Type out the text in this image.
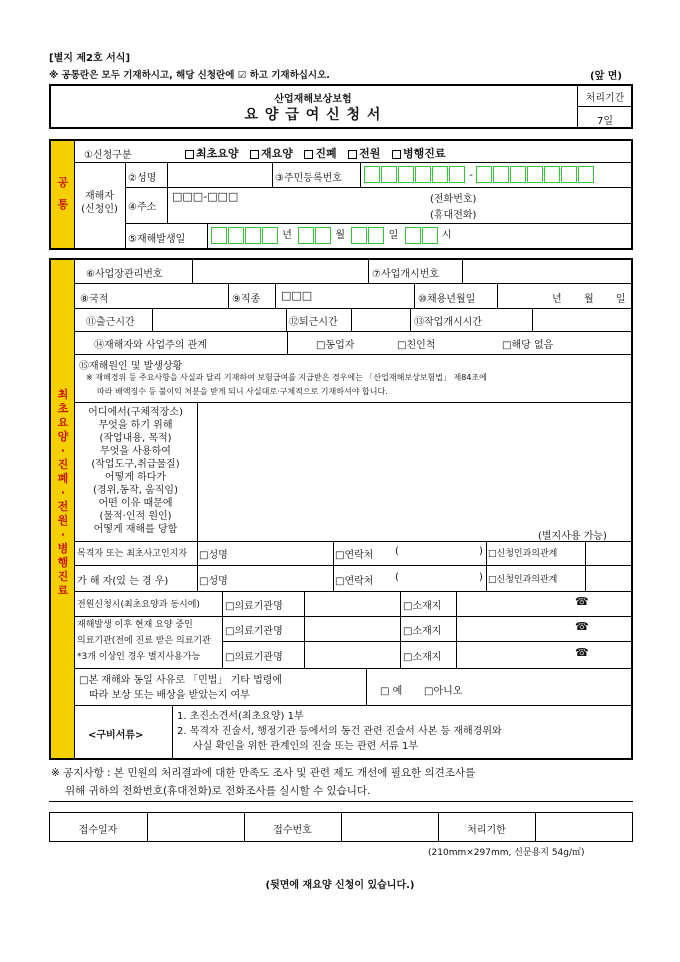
[별지 제2호 서식]
※ 공통란은 모두 기재하시고, 해당 신청란에 ☑ 하고 기재하십시오.	(앞 면)
산업재해보상보험
요 양 급 여 신 청 서
처리기간
7일
공
통
①신청구분	최초요양 재요양 진폐 전원 병행진료
재해자
(신청인)
②성명	③주민등록번호	-
④주소
□□□-□□□	(전화번호)
(휴대전화)
⑤재해발생일	년	월	일	시
최
초
요
양
·
진
폐
·
전
원
·
병
행
진
료
⑥사업장관리번호	⑦사업개시번호
⑧국적	⑨직종 □□□	⑩채용년월일	년 월 일
⑪출근시간	⑫퇴근시간	⑬작업개시시간
⑭재해자와 사업주의 관계	□동업자	□친인척	□해당 없음
⑮재해원인 및 발생상황
※ 재해경위 등 주요사항을 사실과 달리 기재하여 보험급여를 지급받은 경우에는 「산업재해보상보험법」 제84조에
따라 배액징수 등 불이익 처분을 받게 되니 사실대로·구체적으로 기재하셔야 합니다.
어디에서(구체적장소)
무엇을 하기 위해
(작업내용, 목적)
무엇을 사용하여
(작업도구,취급물질)
어떻게 하다가
(경위,동작, 움직임)
어떤 이유 때문에
(물적·인적 원인)
어떻게 재해를 당함
(별지사용 가능)
목격자 또는 최초사고인지자 □성명	□연락처 (	) □신청인과의관계
가 해 자(있 는 경 우)	□성명	□연락처 (	) □신청인과의관계
전원신청시(최초요양과 동시에)
재해발생 이후 현재 요양 중인
의료기관(전에 진료 받은 의료기관
*3개 이상인 경우 별지사용가능
□의료기관명	□소재지	☎
□의료기관명	□소재지	☎
□의료기관명	□소재지	☎
□본 재해와 동일 사유로 「민법」 기타 법령에
따라 보상 또는 배상을 받았는지 여부	□ 예 □아니오
<구비서류>
1. 초진소견서(최초요양) 1부
2. 목격자 진술서, 행정기관 등에서의 동건 관련 진술서 사본 등 재해경위와
사실 확인을 위한 관계인의 진술 또는 관련 서류 1부
※ 공지사항 : 본 민원의 처리결과에 대한 만족도 조사 및 관련 제도 개선에 필요한 의견조사를
위해 귀하의 전화번호(휴대전화)로 전화조사를 실시할 수 있습니다.
접수일자	접수번호	처리기한
(210mm×297mm, 신문용지 54g/㎡)
(뒷면에 재요양 신청이 있습니다.)
